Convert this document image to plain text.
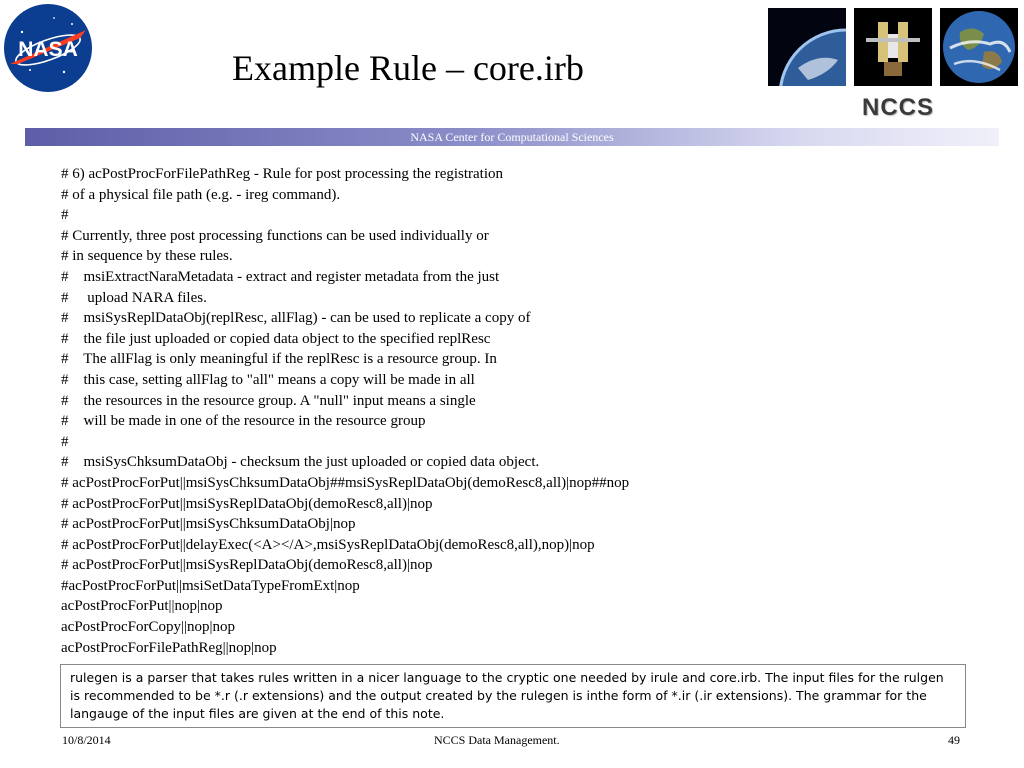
NASA	Example Rule – core.irb
NCCS
NASA Center for Computational Sciences
# 6) acPostProcForFilePathReg - Rule for post processing the registration
# of a physical file path (e.g. - ireg command).
#
# Currently, three post processing functions can be used individually or
# in sequence by these rules.
#    msiExtractNaraMetadata - extract and register metadata from the just
#     upload NARA files.
#    msiSysReplDataObj(replResc, allFlag) - can be used to replicate a copy of
#    the file just uploaded or copied data object to the specified replResc
#    The allFlag is only meaningful if the replResc is a resource group. In
#    this case, setting allFlag to "all" means a copy will be made in all
#    the resources in the resource group. A "null" input means a single
#    will be made in one of the resource in the resource group
#
#    msiSysChksumDataObj - checksum the just uploaded or copied data object.
# acPostProcForPut||msiSysChksumDataObj##msiSysReplDataObj(demoResc8,all)|nop##nop
# acPostProcForPut||msiSysReplDataObj(demoResc8,all)|nop
# acPostProcForPut||msiSysChksumDataObj|nop
# acPostProcForPut||delayExec(<A></A>,msiSysReplDataObj(demoResc8,all),nop)|nop
# acPostProcForPut||msiSysReplDataObj(demoResc8,all)|nop
#acPostProcForPut||msiSetDataTypeFromExt|nop
acPostProcForPut||nop|nop
acPostProcForCopy||nop|nop
acPostProcForFilePathReg||nop|nop
rulegen is a parser that takes rules written in a nicer language to the cryptic one needed by irule and core.irb. The input files for the rulgen is recommended to be *.r (.r extensions) and the output created by the rulegen is inthe form of *.ir (.ir extensions). The grammar for the langauge of the input files are given at the end of this note.
10/8/2014	NCCS Data Management.	49
